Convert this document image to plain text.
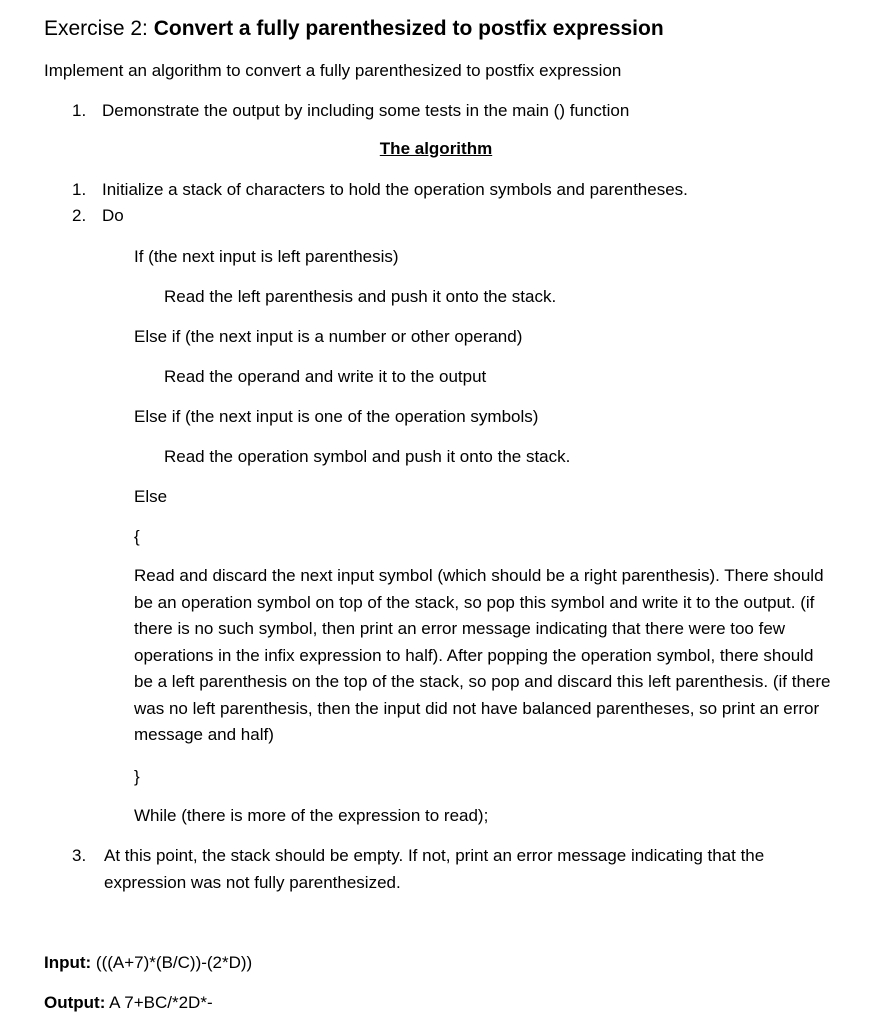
Exercise 2: Convert a fully parenthesized to postfix expression
Implement an algorithm to convert a fully parenthesized to postfix expression
1. Demonstrate the output by including some tests in the main () function
The algorithm
1. Initialize a stack of characters to hold the operation symbols and parentheses.
2. Do
If (the next input is left parenthesis)
Read the left parenthesis and push it onto the stack.
Else if (the next input is a number or other operand)
Read the operand and write it to the output
Else if (the next input is one of the operation symbols)
Read the operation symbol and push it onto the stack.
Else
{
Read and discard the next input symbol (which should be a right parenthesis). There should be an operation symbol on top of the stack, so pop this symbol and write it to the output. (if there is no such symbol, then print an error message indicating that there were too few operations in the infix expression to half). After popping the operation symbol, there should be a left parenthesis on the top of the stack, so pop and discard this left parenthesis. (if there was no left parenthesis, then the input did not have balanced parentheses, so print an error message and half)
}
While (there is more of the expression to read);
3. At this point, the stack should be empty. If not, print an error message indicating that the expression was not fully parenthesized.
Input: (((A+7)*(B/C))-(2*D))
Output: A 7+BC/*2D*-
